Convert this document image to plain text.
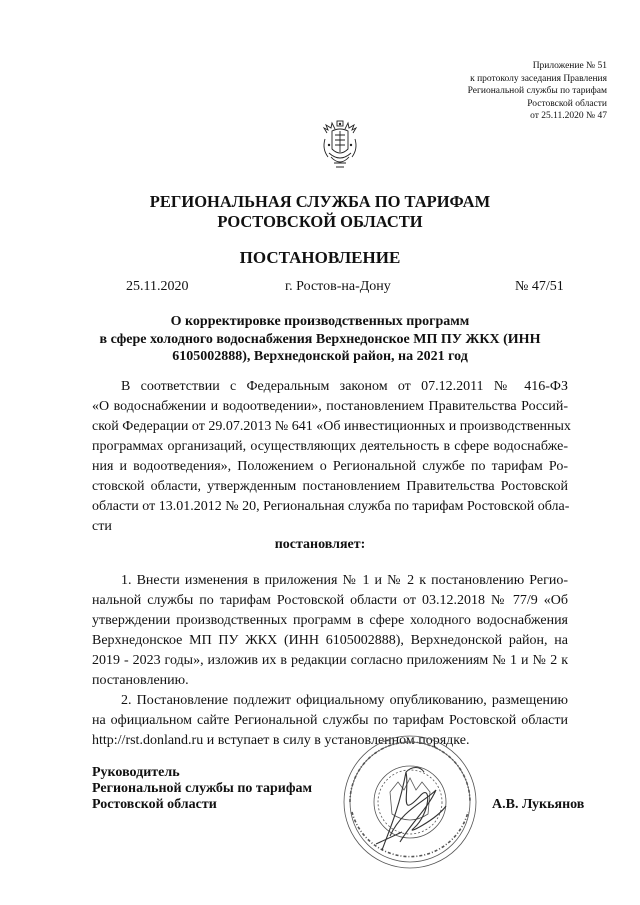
Приложение № 51
к протоколу заседания Правления
Региональной службы по тарифам
Ростовской области
от 25.11.2020 № 47
РЕГИОНАЛЬНАЯ СЛУЖБА ПО ТАРИФАМ
РОСТОВСКОЙ ОБЛАСТИ
ПОСТАНОВЛЕНИЕ
25.11.2020	г. Ростов-на-Дону	№ 47/51
О корректировке производственных программ
в сфере холодного водоснабжения Верхнедонское МП ПУ ЖКХ (ИНН
6105002888), Верхнедонской район, на 2021 год
В соответствии с Федеральным законом от 07.12.2011 № 416-ФЗ
«О водоснабжении и водоотведении», постановлением Правительства Россий-
ской Федерации от 29.07.2013 № 641 «Об инвестиционных и производственных
программах организаций, осуществляющих деятельность в сфере водоснабже-
ния и водоотведения», Положением о Региональной службе по тарифам Ро-
стовской области, утвержденным постановлением Правительства Ростовской
области от 13.01.2012 № 20, Региональная служба по тарифам Ростовской обла-
сти
постановляет:
1. Внести изменения в приложения № 1 и № 2 к постановлению Регио-
нальной службы по тарифам Ростовской области от 03.12.2018 № 77/9 «Об
утверждении производственных программ в сфере холодного водоснабжения
Верхнедонское МП ПУ ЖКХ (ИНН 6105002888), Верхнедонской район, на
2019 - 2023 годы», изложив их в редакции согласно приложениям № 1 и № 2 к
постановлению.
2. Постановление подлежит официальному опубликованию, размещению
на официальном сайте Региональной службы по тарифам Ростовской области
http://rst.donland.ru и вступает в силу в установленном порядке.
Руководитель
Региональной службы по тарифам
Ростовской области	А.В. Лукьянов
